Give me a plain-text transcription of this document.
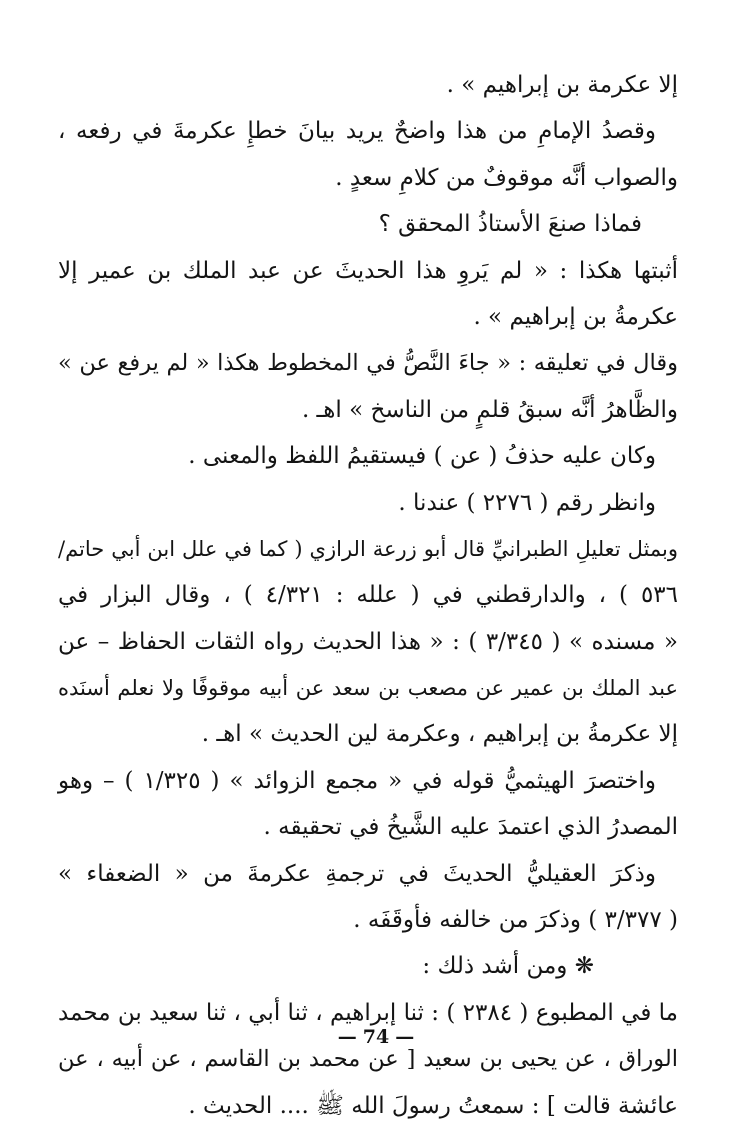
إلا عكرمة بن إبراهيم » .
وقصدُ الإمامِ من هذا واضحٌ يريد بيانَ خطإِ عكرمةَ في رفعه ،
والصواب أنَّه موقوفٌ من كلامِ سعدٍ .
فماذا صنعَ الأستاذُ المحقق ؟
أثبتها هكذا : « لم يَروِ هذا الحديثَ عن عبد الملك بن عمير إلا
عكرمةُ بن إبراهيم » .
وقال في تعليقه : « جاءَ النَّصُّ في المخطوط هكذا « لم يرفع عن »
والظَّاهرُ أنَّه سبقُ قلمٍ من الناسخ » اهـ .
وكان عليه حذفُ ( عن ) فيستقيمُ اللفظ والمعنى .
وانظر رقم ( ٢٢٧٦ ) عندنا .
وبمثل تعليلِ الطبرانيِّ قال أبو زرعة الرازي ( كما في علل ابن أبي حاتم/
٥٣٦ ) ، والدارقطني في ( علله : ٤/٣٢١ ) ، وقال البزار في
« مسنده » ( ٣/٣٤٥ ) : « هذا الحديث رواه الثقات الحفاظ – عن
عبد الملك بن عمير عن مصعب بن سعد عن أبيه موقوفًا ولا نعلم أسنَده
إلا عكرمةُ بن إبراهيم ، وعكرمة لين الحديث » اهـ .
واختصرَ الهيثميُّ قوله في « مجمع الزوائد » ( ١/٣٢٥ ) – وهو
المصدرُ الذي اعتمدَ عليه الشَّيخُ في تحقيقه .
وذكرَ العقيليُّ الحديثَ في ترجمةِ عكرمةَ من « الضعفاء »
( ٣/٣٧٧ ) وذكرَ من خالفه فأوقَفَه .
❋ ومن أشد ذلك :
ما في المطبوع ( ٢٣٨٤ ) : ثنا إبراهيم ، ثنا أبي ، ثنا سعيد بن محمد
الوراق ، عن يحيى بن سعيد [ عن محمد بن القاسم ، عن أبيه ، عن
عائشة قالت ] : سمعتُ رسولَ الله ﷺ .... الحديث .
— 74 —
